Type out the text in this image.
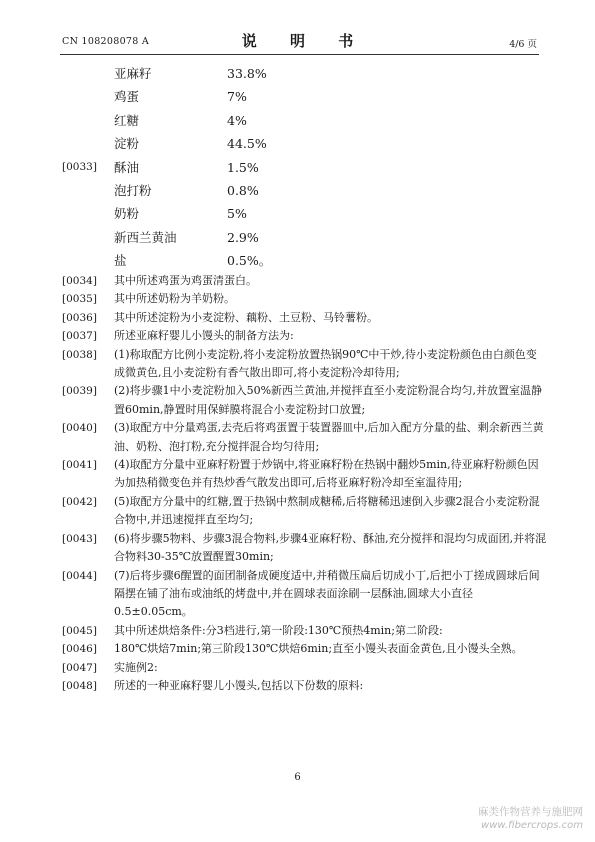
CN 108208078 A	说 明 书	4/6 页
亚麻籽	33.8%
鸡蛋	7%
红糖	4%
淀粉	44.5%
[0033] 酥油	1.5%
泡打粉	0.8%
奶粉	5%
新西兰黄油	2.9%
盐	0.5%。
[0034] 其中所述鸡蛋为鸡蛋清蛋白。
[0035] 其中所述奶粉为羊奶粉。
[0036] 其中所述淀粉为小麦淀粉、藕粉、土豆粉、马铃薯粉。
[0037] 所述亚麻籽婴儿小馒头的制备方法为:
[0038] (1)称取配方比例小麦淀粉,将小麦淀粉放置热锅90℃中干炒,待小麦淀粉颜色由白颜色变成微黄色,且小麦淀粉有香气散出即可,将小麦淀粉冷却待用;
[0039] (2)将步骤1中小麦淀粉加入50%新西兰黄油,并搅拌直至小麦淀粉混合均匀,并放置室温静置60min,静置时用保鲜膜将混合小麦淀粉封口放置;
[0040] (3)取配方中分量鸡蛋,去壳后将鸡蛋置于装置器皿中,后加入配方分量的盐、剩余新西兰黄油、奶粉、泡打粉,充分搅拌混合均匀待用;
[0041] (4)取配方分量中亚麻籽粉置于炒锅中,将亚麻籽粉在热锅中翻炒5min,待亚麻籽粉颜色因为加热稍微变色并有热炒香气散发出即可,后将亚麻籽粉冷却至室温待用;
[0042] (5)取配方分量中的红糖,置于热锅中熬制成糖稀,后将糖稀迅速倒入步骤2混合小麦淀粉混合物中,并迅速搅拌直至均匀;
[0043] (6)将步骤5物料、步骤3混合物料,步骤4亚麻籽粉、酥油,充分搅拌和混均匀成面团,并将混合物料30-35℃放置醒置30min;
[0044] (7)后将步骤6醒置的面团制备成硬度适中,并稍微压扁后切成小丁,后把小丁搓成圆球后间隔摆在铺了油布或油纸的烤盘中,并在圆球表面涂刷一层酥油,圆球大小直径0.5±0.05cm。
[0045] 其中所述烘焙条件:分3档进行,第一阶段:130℃预热4min;第二阶段:
[0046] 180℃烘焙7min;第三阶段130℃烘焙6min;直至小馒头表面金黄色,且小馒头全熟。
[0047] 实施例2:
[0048] 所述的一种亚麻籽婴儿小馒头,包括以下份数的原料:
6
麻类作物营养与施肥网
www.fibercrops.com
